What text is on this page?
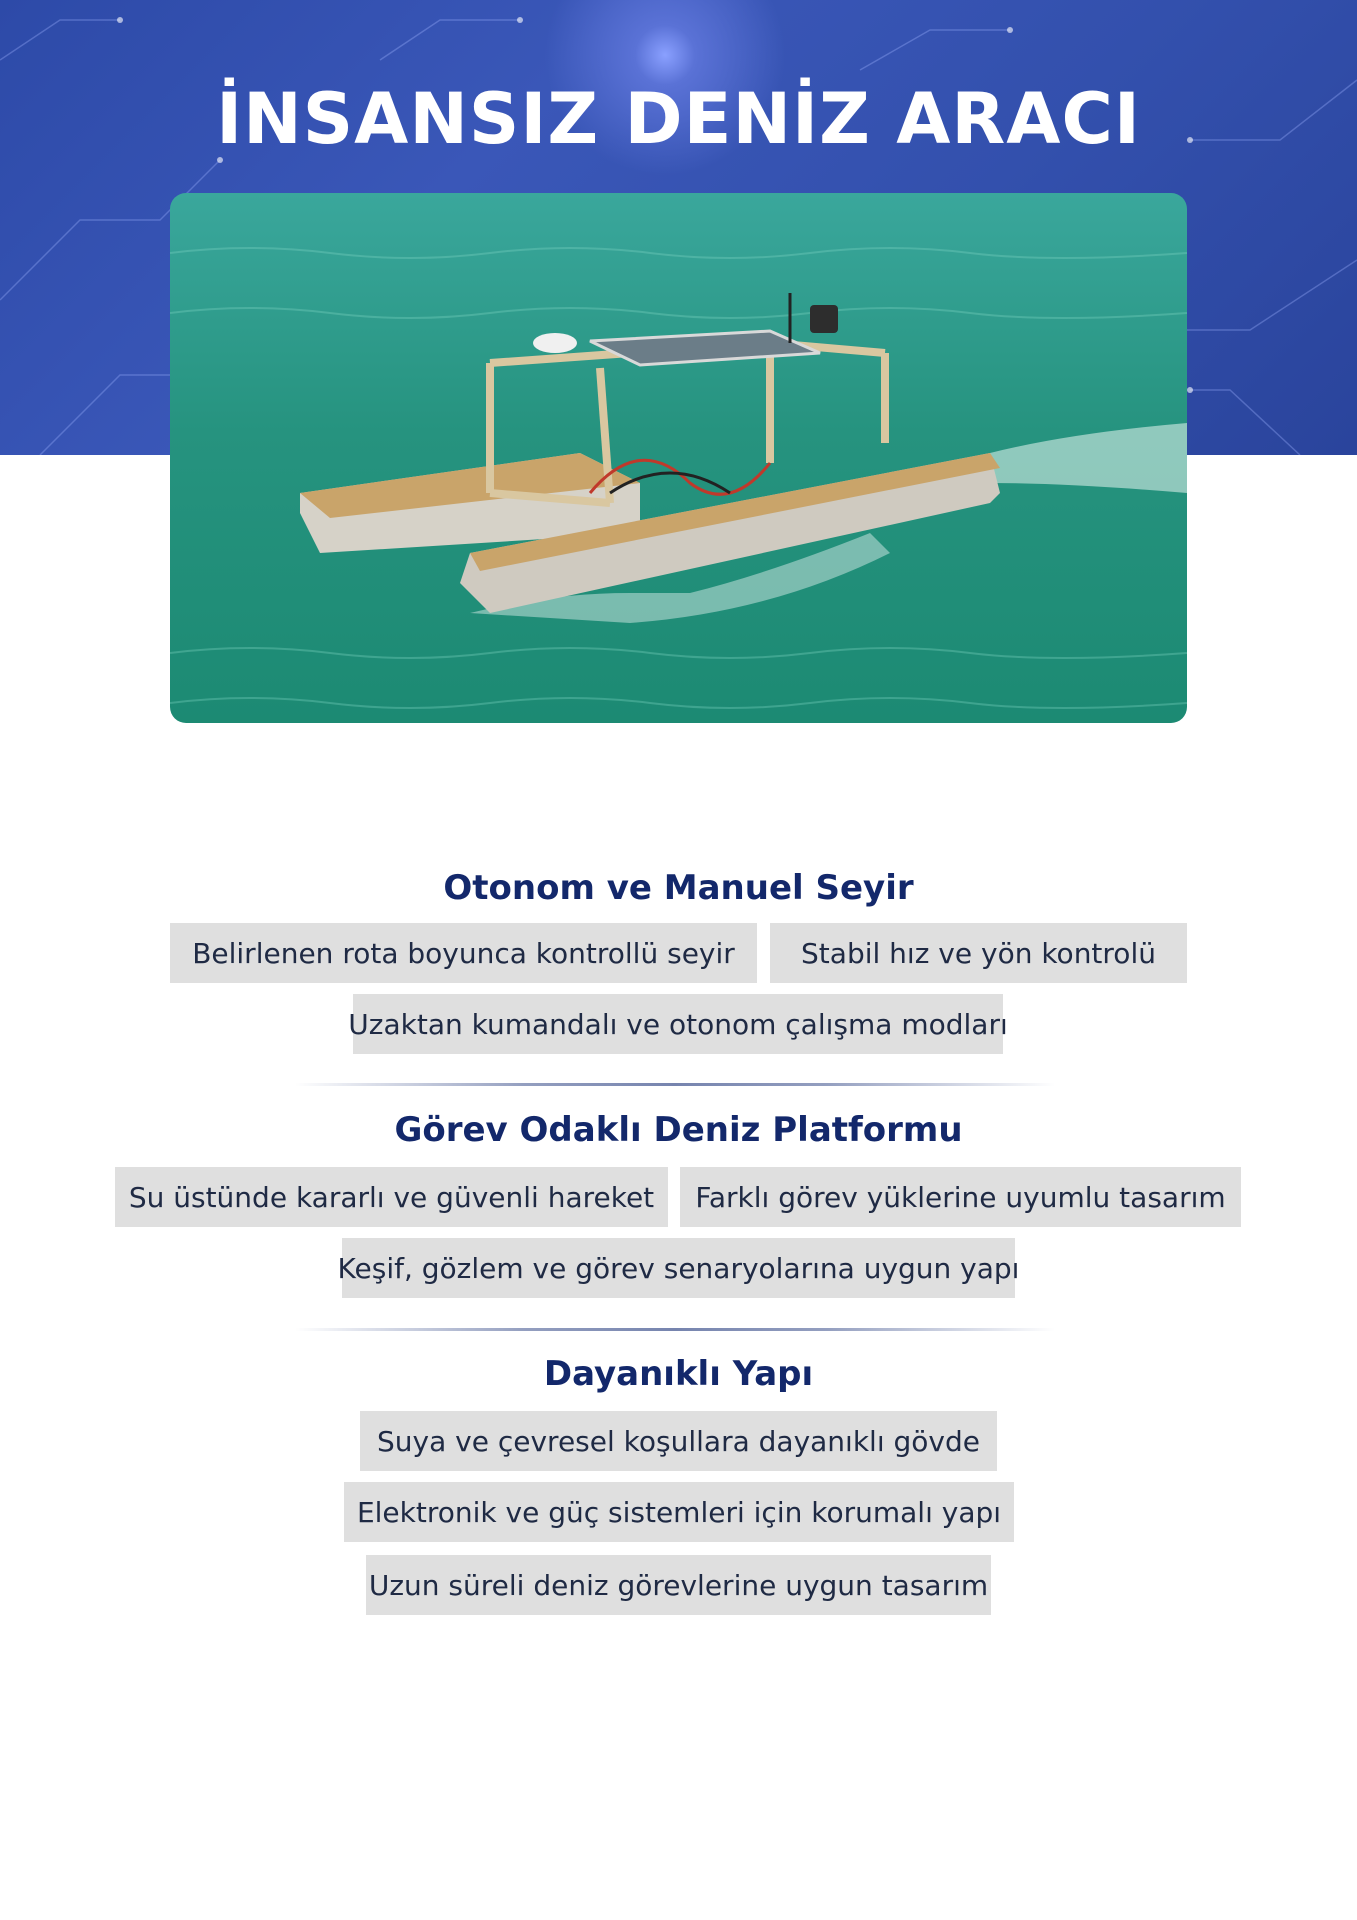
İNSANSIZ DENİZ ARACI
Otonom ve Manuel Seyir
Belirlenen rota boyunca kontrollü seyir	Stabil hız ve yön kontrolü
Uzaktan kumandalı ve otonom çalışma modları
Görev Odaklı Deniz Platformu
Su üstünde kararlı ve güvenli hareket	Farklı görev yüklerine uyumlu tasarım
Keşif, gözlem ve görev senaryolarına uygun yapı
Dayanıklı Yapı
Suya ve çevresel koşullara dayanıklı gövde
Elektronik ve güç sistemleri için korumalı yapı
Uzun süreli deniz görevlerine uygun tasarım
